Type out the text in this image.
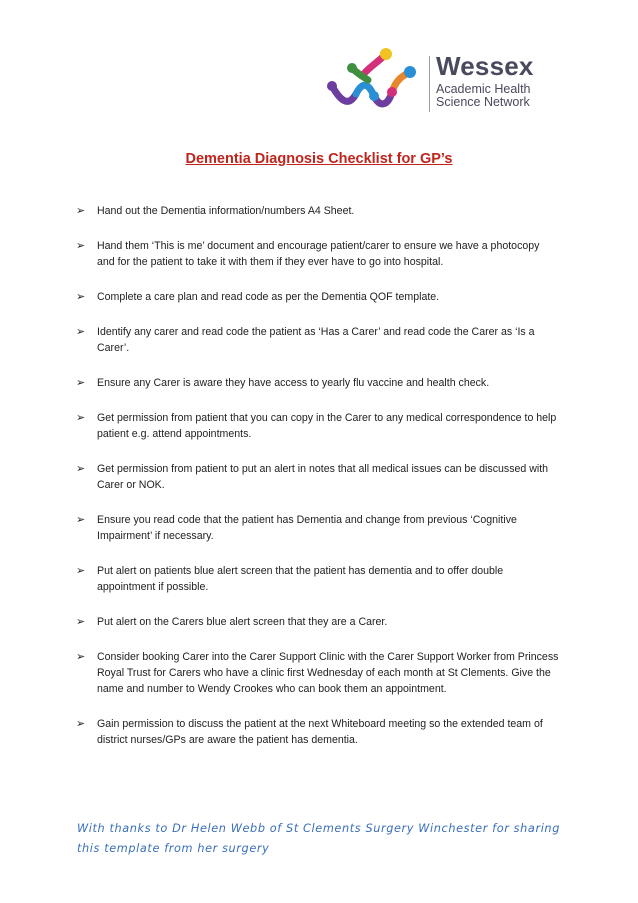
Wessex
Academic Health
Science Network
Dementia Diagnosis Checklist for GP’s
➢ Hand out the Dementia information/numbers A4 Sheet.
➢ Hand them ‘This is me’ document and encourage patient/carer to ensure we have a photocopy and for the patient to take it with them if they ever have to go into hospital.
➢ Complete a care plan and read code as per the Dementia QOF template.
➢ Identify any carer and read code the patient as ‘Has a Carer’ and read code the Carer as ‘Is a Carer’.
➢ Ensure any Carer is aware they have access to yearly flu vaccine and health check.
➢ Get permission from patient that you can copy in the Carer to any medical correspondence to help patient e.g. attend appointments.
➢ Get permission from patient to put an alert in notes that all medical issues can be discussed with Carer or NOK.
➢ Ensure you read code that the patient has Dementia and change from previous ‘Cognitive Impairment’ if necessary.
➢ Put alert on patients blue alert screen that the patient has dementia and to offer double appointment if possible.
➢ Put alert on the Carers blue alert screen that they are a Carer.
➢ Consider booking Carer into the Carer Support Clinic with the Carer Support Worker from Princess Royal Trust for Carers who have a clinic first Wednesday of each month at St Clements. Give the name and number to Wendy Crookes who can book them an appointment.
➢ Gain permission to discuss the patient at the next Whiteboard meeting so the extended team of district nurses/GPs are aware the patient has dementia.
With thanks to Dr Helen Webb of St Clements Surgery Winchester for sharing this template from her surgery
